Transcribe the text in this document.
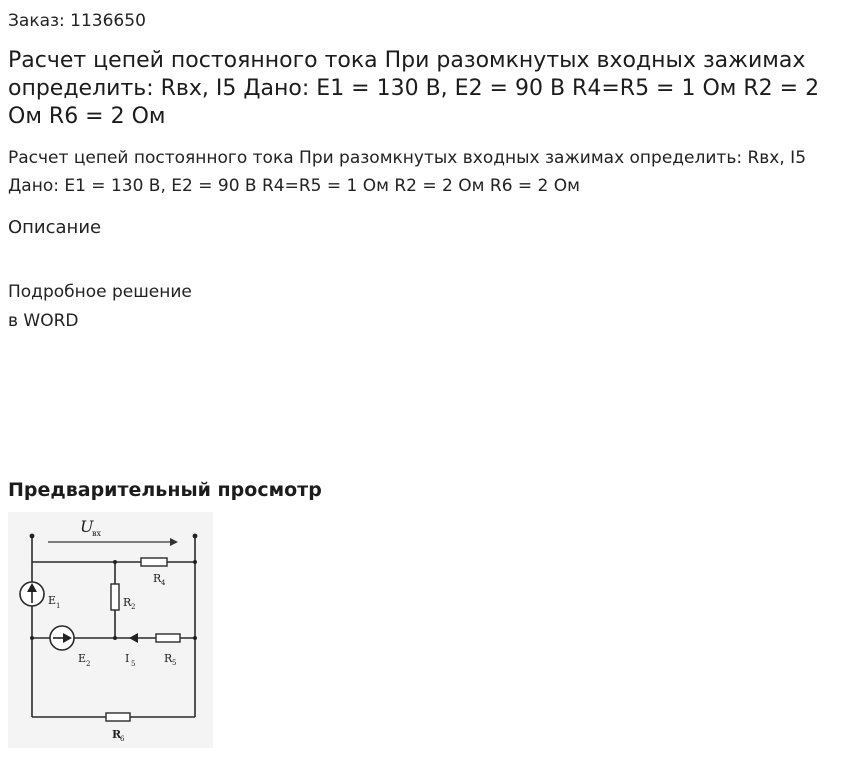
Заказ: 1136650
Расчет цепей постоянного тока При разомкнутых входных зажимах определить: Rвх, I5 Дано: E1 = 130 B, E2 = 90 B R4=R5 = 1 Ом R2 = 2 Ом R6 = 2 Ом

Расчет цепей постоянного тока При разомкнутых входных зажимах определить: Rвх, I5 Дано: E1 = 130 B, E2 = 90 B R4=R5 = 1 Ом R2 = 2 Ом R6 = 2 Ом

Описание
Подробное решение
в WORD
Предварительный просмотр
U
вх
R 4
R 2
E 1
E 2	I 5	R 5
R
6
